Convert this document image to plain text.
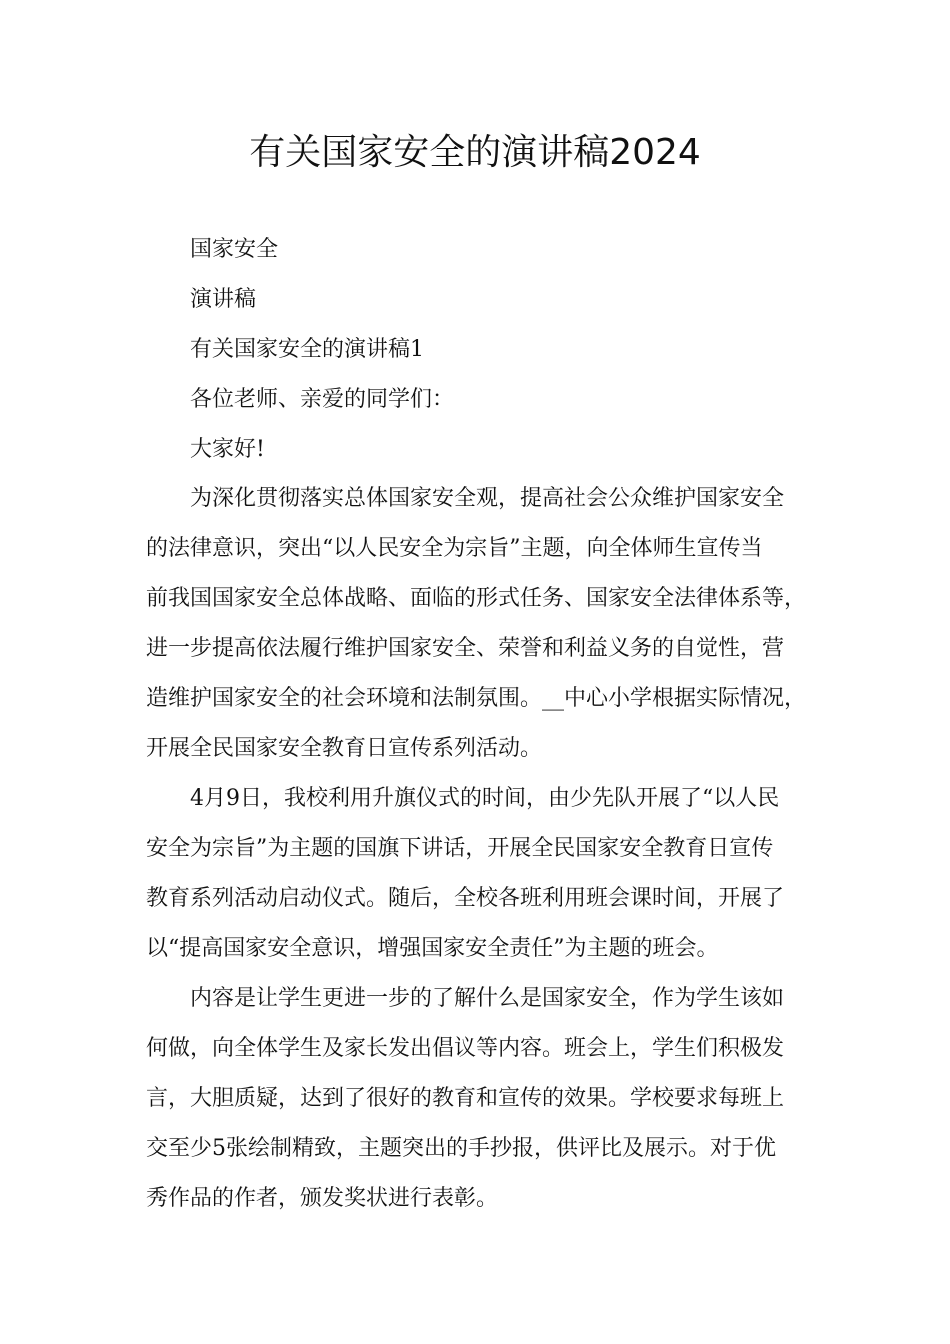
有关国家安全的演讲稿2024

国家安全

演讲稿

有关国家安全的演讲稿1

各位老师、亲爱的同学们：

大家好!

为深化贯彻落实总体国家安全观，提高社会公众维护国家安全
的法律意识，突出“以人民安全为宗旨”主题，向全体师生宣传当
前我国国家安全总体战略、面临的形式任务、国家安全法律体系等，
进一步提高依法履行维护国家安全、荣誉和利益义务的自觉性，营
造维护国家安全的社会环境和法制氛围。__中心小学根据实际情况，
开展全民国家安全教育日宣传系列活动。
4月9日，我校利用升旗仪式的时间，由少先队开展了“以人民
安全为宗旨”为主题的国旗下讲话，开展全民国家安全教育日宣传
教育系列活动启动仪式。随后，全校各班利用班会课时间，开展了
以“提高国家安全意识，增强国家安全责任”为主题的班会。
内容是让学生更进一步的了解什么是国家安全，作为学生该如
何做，向全体学生及家长发出倡议等内容。班会上，学生们积极发
言，大胆质疑，达到了很好的教育和宣传的效果。学校要求每班上
交至少5张绘制精致，主题突出的手抄报，供评比及展示。对于优
秀作品的作者，颁发奖状进行表彰。
